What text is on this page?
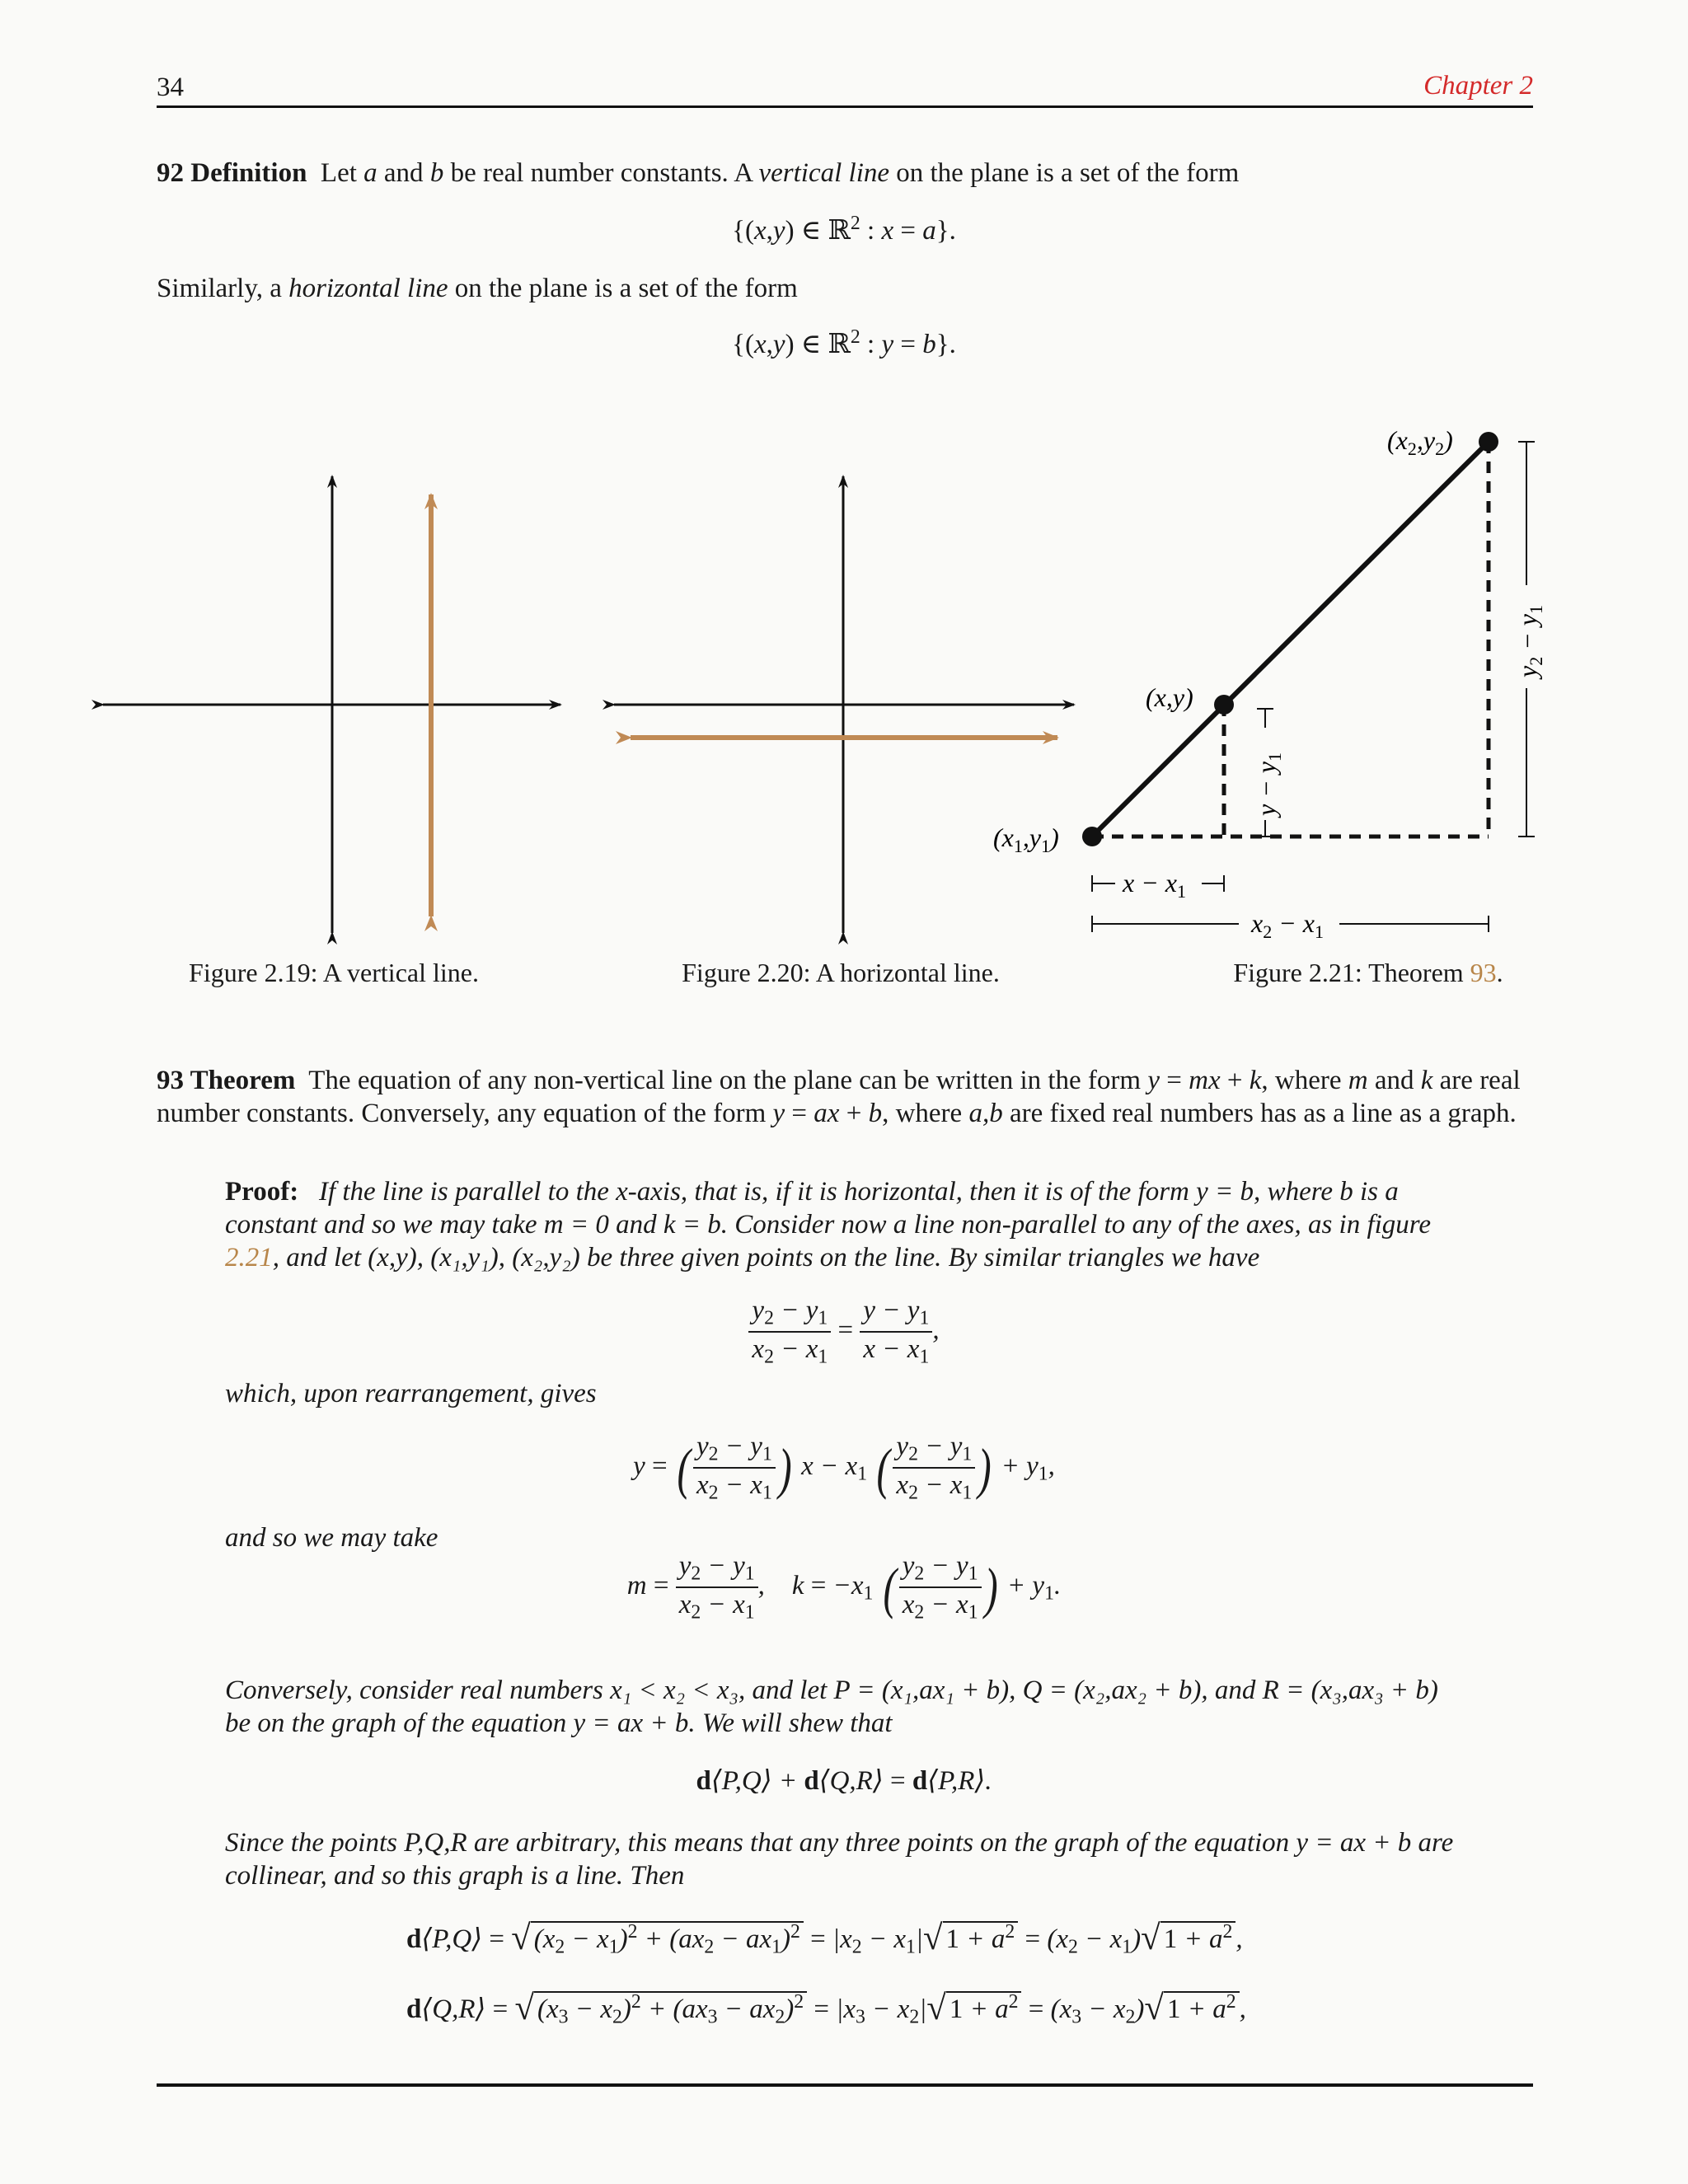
34	Chapter 2
92 Definition Let a and b be real number constants. A vertical line on the plane is a set of the form
{(x,y) ∈ ℝ$^2$ : x = a}.
Similarly, a horizontal line on the plane is a set of the form
{(x,y) ∈ ℝ$^2$ : y = b}.
$(x_1,y_1)$
(x,y)
$(x_2,y_2)$
$x - x_1$
$x_2 - x_1$
$y - y_1$
$y_2 - y_1$
Figure 2.19: A vertical line.	Figure 2.20: A horizontal line.	Figure 2.21: Theorem 93.
93 Theorem The equation of any non-vertical line on the plane can be written in the form y = mx + k, where m and k are real
number constants. Conversely, any equation of the form y = ax + b, where a,b are fixed real numbers has as a line as a graph.
Proof: If the line is parallel to the x-axis, that is, if it is horizontal, then it is of the form y = b, where b is a
constant and so we may take m = 0 and k = b. Consider now a line non-parallel to any of the axes, as in figure
2.21, and let (x,y), (x₁,y₁), (x₂,y₂) be three given points on the line. By similar triangles we have
$\frac{y_2 - y_1}{x_2 - x_1} = \frac{y - y_1}{x - x_1}$ ,
which, upon rearrangement, gives
y = ( $\frac{y_2 - y_1}{x_2 - x_1}$ ) $x - x_1$ ( $\frac{y_2 - y_1}{x_2 - x_1}$ ) + $y_1$,
and so we may take
$m = \frac{y_2 - y_1}{x_2 - x_1}$ ,    $k = -x_1$ ( $\frac{y_2 - y_1}{x_2 - x_1}$ ) + $y_1$.
Conversely, consider real numbers x₁ < x₂ < x₃, and let P = (x₁,ax₁ + b), Q = (x₂,ax₂ + b), and R = (x₃,ax₃ + b)
be on the graph of the equation y = ax + b. We will shew that
d⟨P,Q⟩ + d⟨Q,R⟩ = d⟨P,R⟩.
Since the points P,Q,R are arbitrary, this means that any three points on the graph of the equation y = ax + b are
collinear, and so this graph is a line. Then
d⟨P,Q⟩ = √ $(x_2 - x_1)^2 + (ax_2 - ax_1)^2 = |x_2 - x_1|√$ $1 + a^2 = (x_2 - x_1)√$ $1 + a^2$ ,
d⟨Q,R⟩ = √ $(x_3 - x_2)^2 + (ax_3 - ax_2)^2 = |x_3 - x_2|√$ $1 + a^2 = (x_3 - x_2)√$ $1 + a^2$ ,
